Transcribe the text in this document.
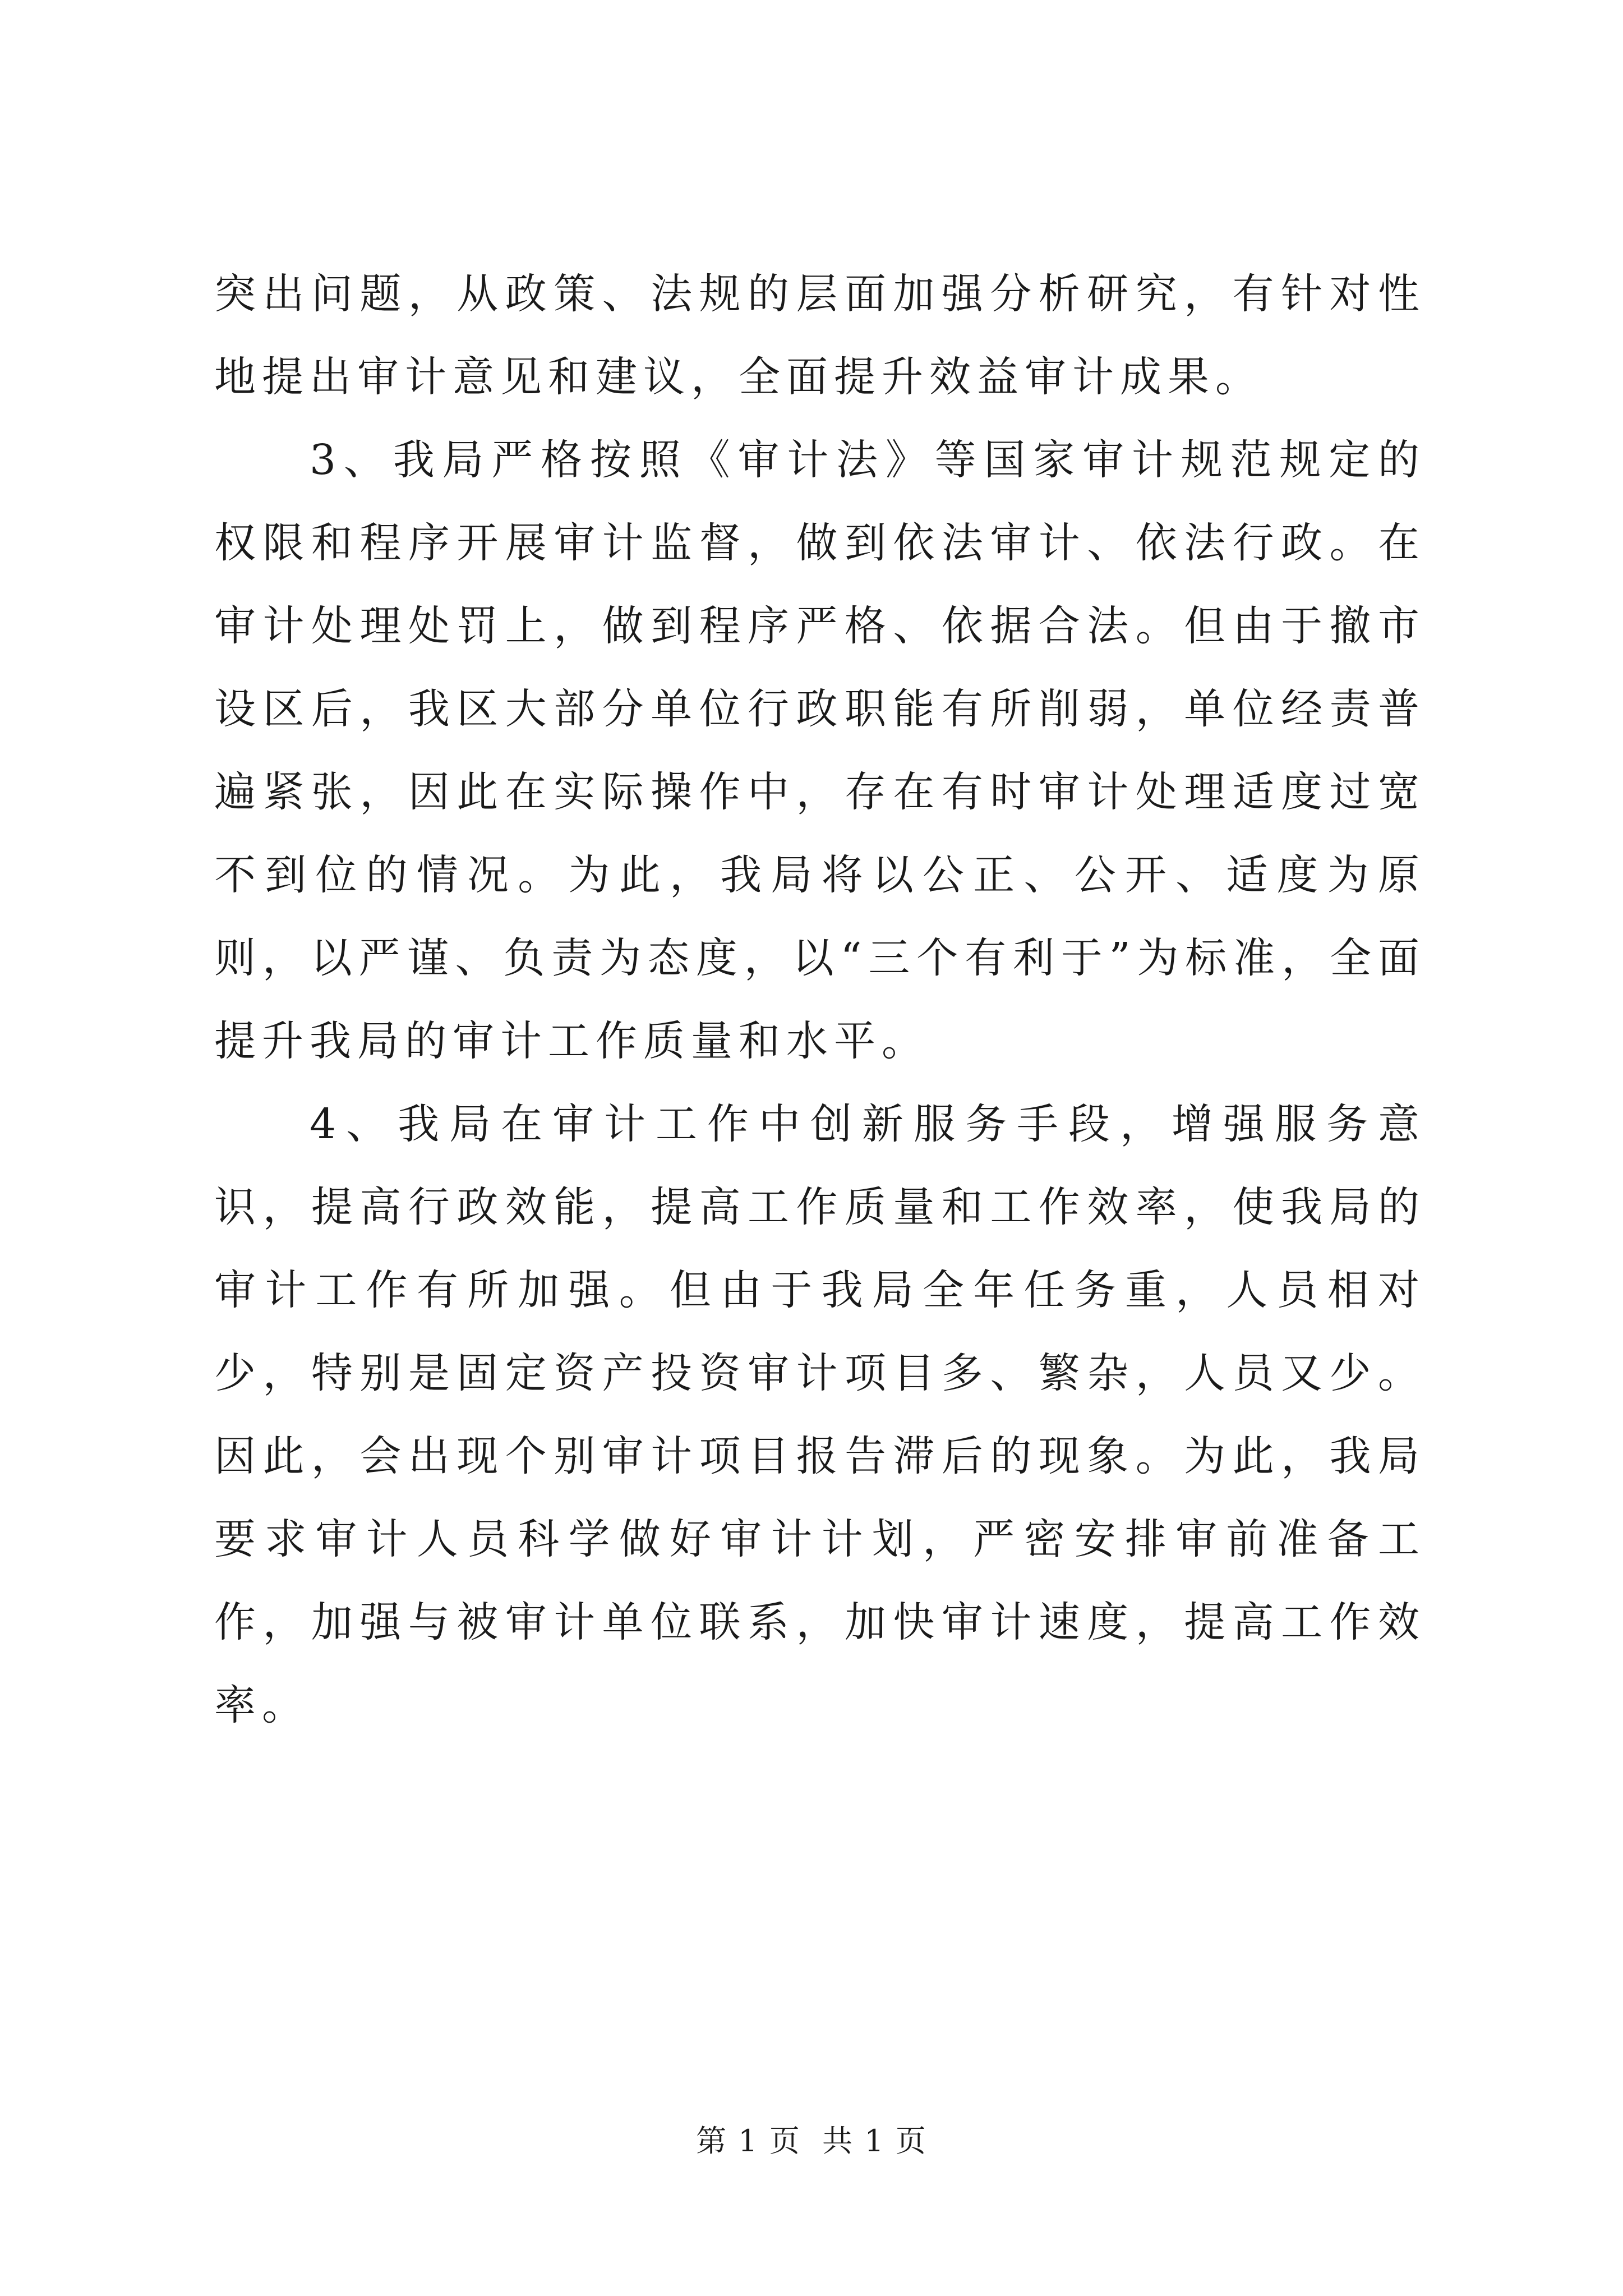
突出问题，从政策、法规的层面加强分析研究，有针对性地提出审计意见和建议，全面提升效益审计成果。

3、我局严格按照《审计法》等国家审计规范规定的权限和程序开展审计监督，做到依法审计、依法行政。在审计处理处罚上，做到程序严格、依据合法。但由于撤市设区后，我区大部分单位行政职能有所削弱，单位经责普遍紧张，因此在实际操作中，存在有时审计处理适度过宽不到位的情况。为此，我局将以公正、公开、适度为原则，以严谨、负责为态度，以“三个有利于”为标准，全面提升我局的审计工作质量和水平。

4、我局在审计工作中创新服务手段，增强服务意识，提高行政效能，提高工作质量和工作效率，使我局的审计工作有所加强。但由于我局全年任务重，人员相对少，特别是固定资产投资审计项目多、繁杂，人员又少。因此，会出现个别审计项目报告滞后的现象。为此，我局要求审计人员科学做好审计计划，严密安排审前准备工作，加强与被审计单位联系，加快审计速度，提高工作效率。

第 1 页 共 1 页
